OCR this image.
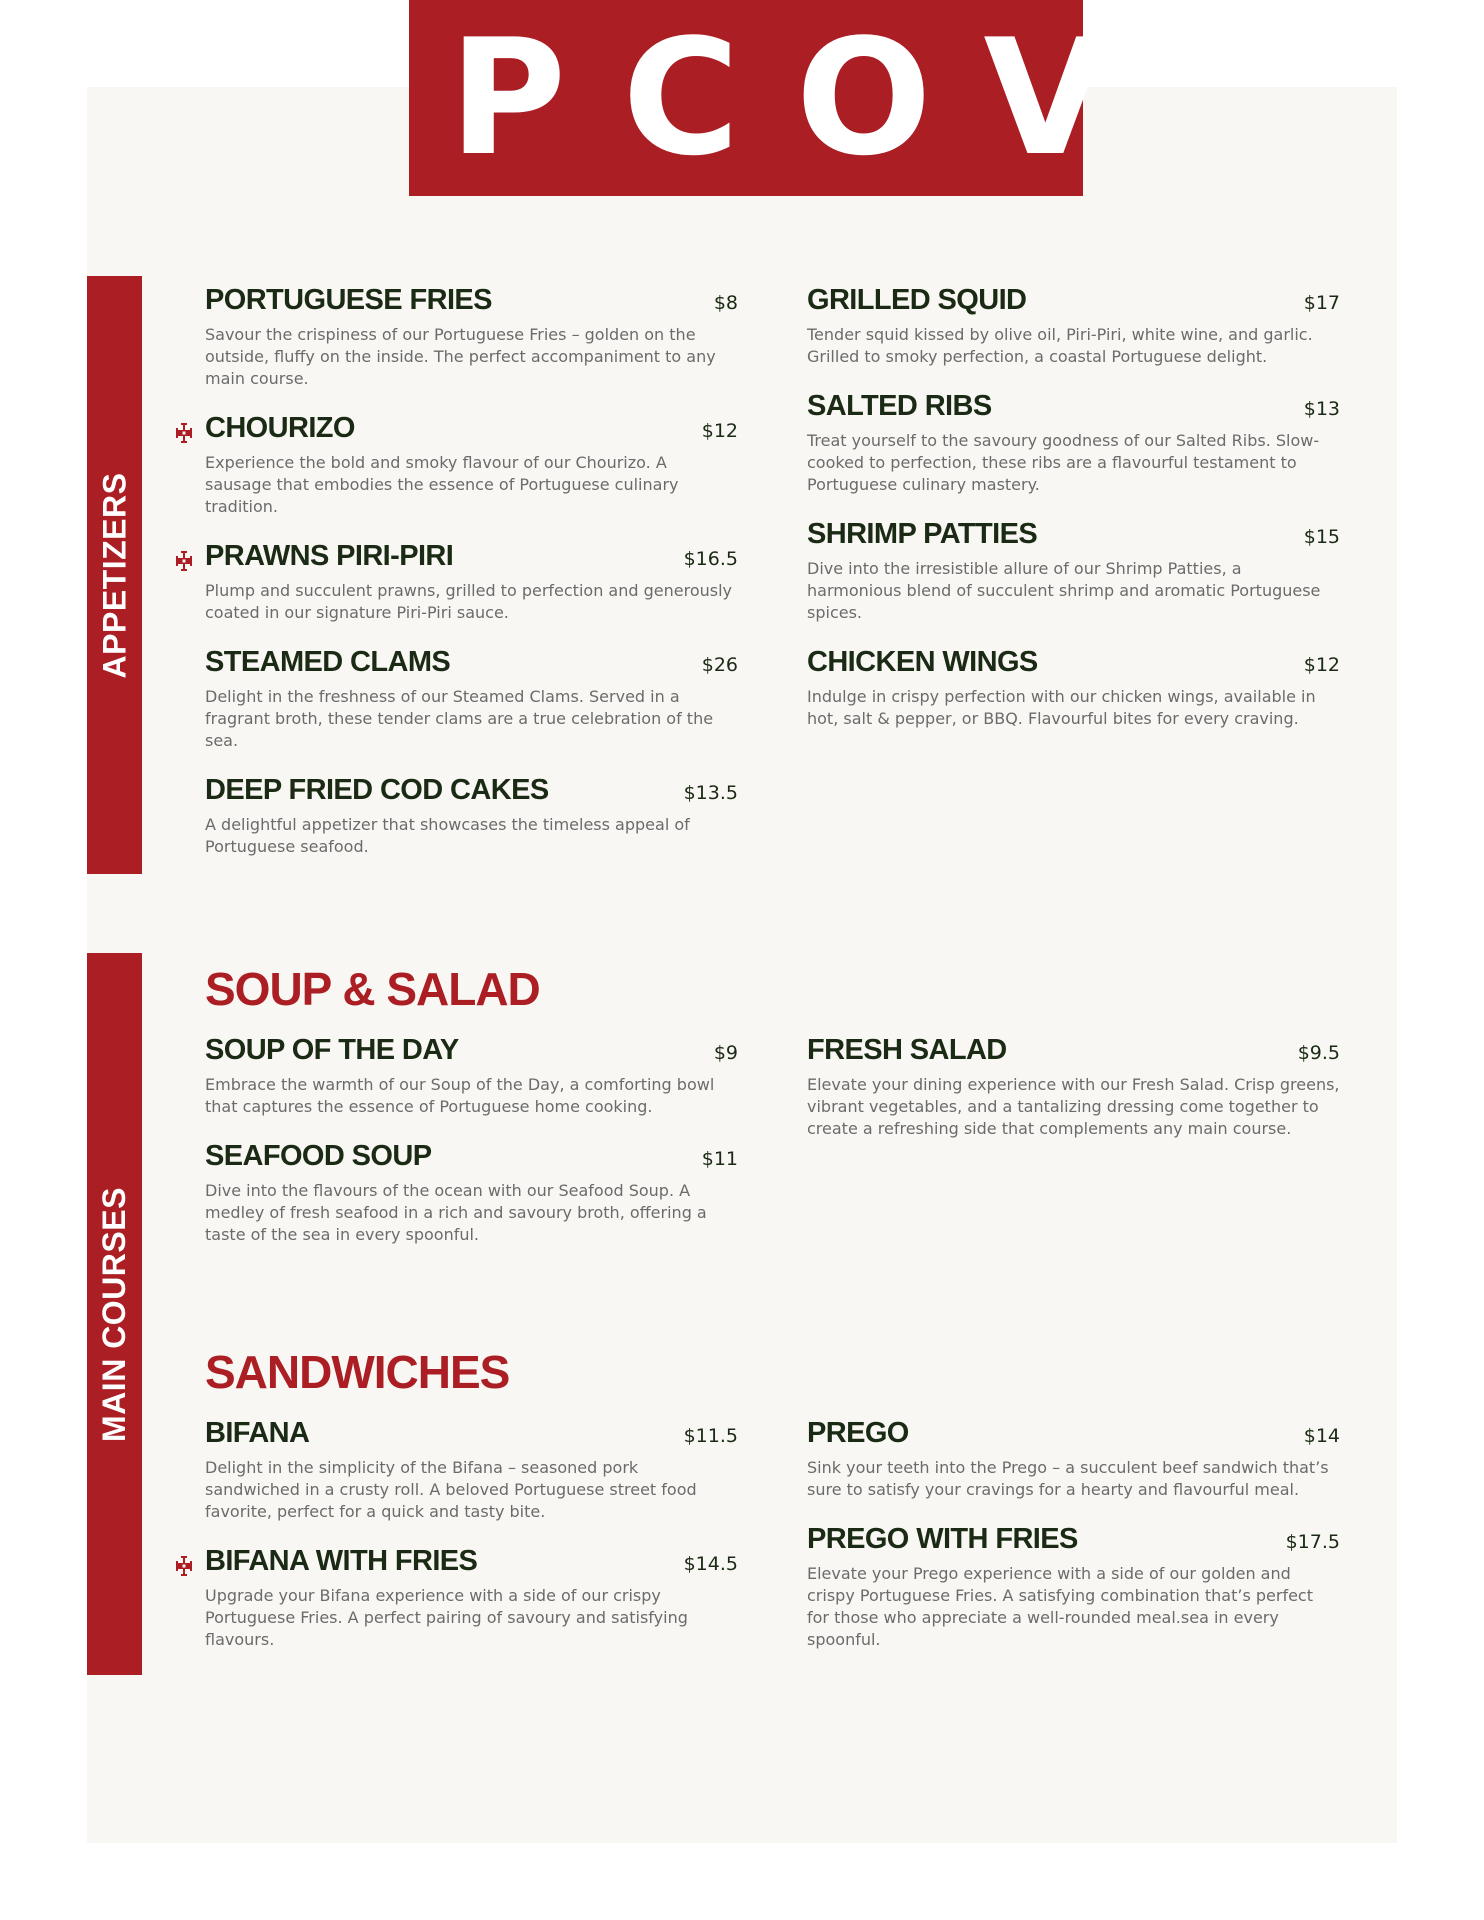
PCOV
APPETIZERS
MAIN COURSES
PORTUGUESE FRIES	$8

Savour the crispiness of our Portuguese Fries – golden on the outside, fluffy on the inside. The perfect accompaniment to any main course.

CHOURIZO	$12

Experience the bold and smoky flavour of our Chourizo. A sausage that embodies the essence of Portuguese culinary tradition.

PRAWNS PIRI-PIRI	$16.5

Plump and succulent prawns, grilled to perfection and generously coated in our signature Piri-Piri sauce.

STEAMED CLAMS	$26

Delight in the freshness of our Steamed Clams. Served in a fragrant broth, these tender clams are a true celebration of the sea.

DEEP FRIED COD CAKES	$13.5

A delightful appetizer that showcases the timeless appeal of Portuguese seafood.

GRILLED SQUID	$17

Tender squid kissed by olive oil, Piri-Piri, white wine, and garlic. Grilled to smoky perfection, a coastal Portuguese delight.

SALTED RIBS	$13

Treat yourself to the savoury goodness of our Salted Ribs. Slow-cooked to perfection, these ribs are a flavourful testament to Portuguese culinary mastery.

SHRIMP PATTIES	$15

Dive into the irresistible allure of our Shrimp Patties, a harmonious blend of succulent shrimp and aromatic Portuguese spices.

CHICKEN WINGS	$12

Indulge in crispy perfection with our chicken wings, available in hot, salt & pepper, or BBQ. Flavourful bites for every craving.

SOUP & SALAD
SOUP OF THE DAY	$9

Embrace the warmth of our Soup of the Day, a comforting bowl that captures the essence of Portuguese home cooking.

SEAFOOD SOUP	$11

Dive into the flavours of the ocean with our Seafood Soup. A medley of fresh seafood in a rich and savoury broth, offering a taste of the sea in every spoonful.

FRESH SALAD	$9.5

Elevate your dining experience with our Fresh Salad. Crisp greens, vibrant vegetables, and a tantalizing dressing come together to create a refreshing side that complements any main course.

SANDWICHES
BIFANA	$11.5

Delight in the simplicity of the Bifana – seasoned pork sandwiched in a crusty roll. A beloved Portuguese street food favorite, perfect for a quick and tasty bite.

BIFANA WITH FRIES	$14.5

Upgrade your Bifana experience with a side of our crispy Portuguese Fries. A perfect pairing of savoury and satisfying flavours.

PREGO	$14

Sink your teeth into the Prego – a succulent beef sandwich that’s sure to satisfy your cravings for a hearty and flavourful meal.

PREGO WITH FRIES	$17.5

Elevate your Prego experience with a side of our golden and crispy Portuguese Fries. A satisfying combination that’s perfect for those who appreciate a well-rounded meal.sea in every spoonful.
